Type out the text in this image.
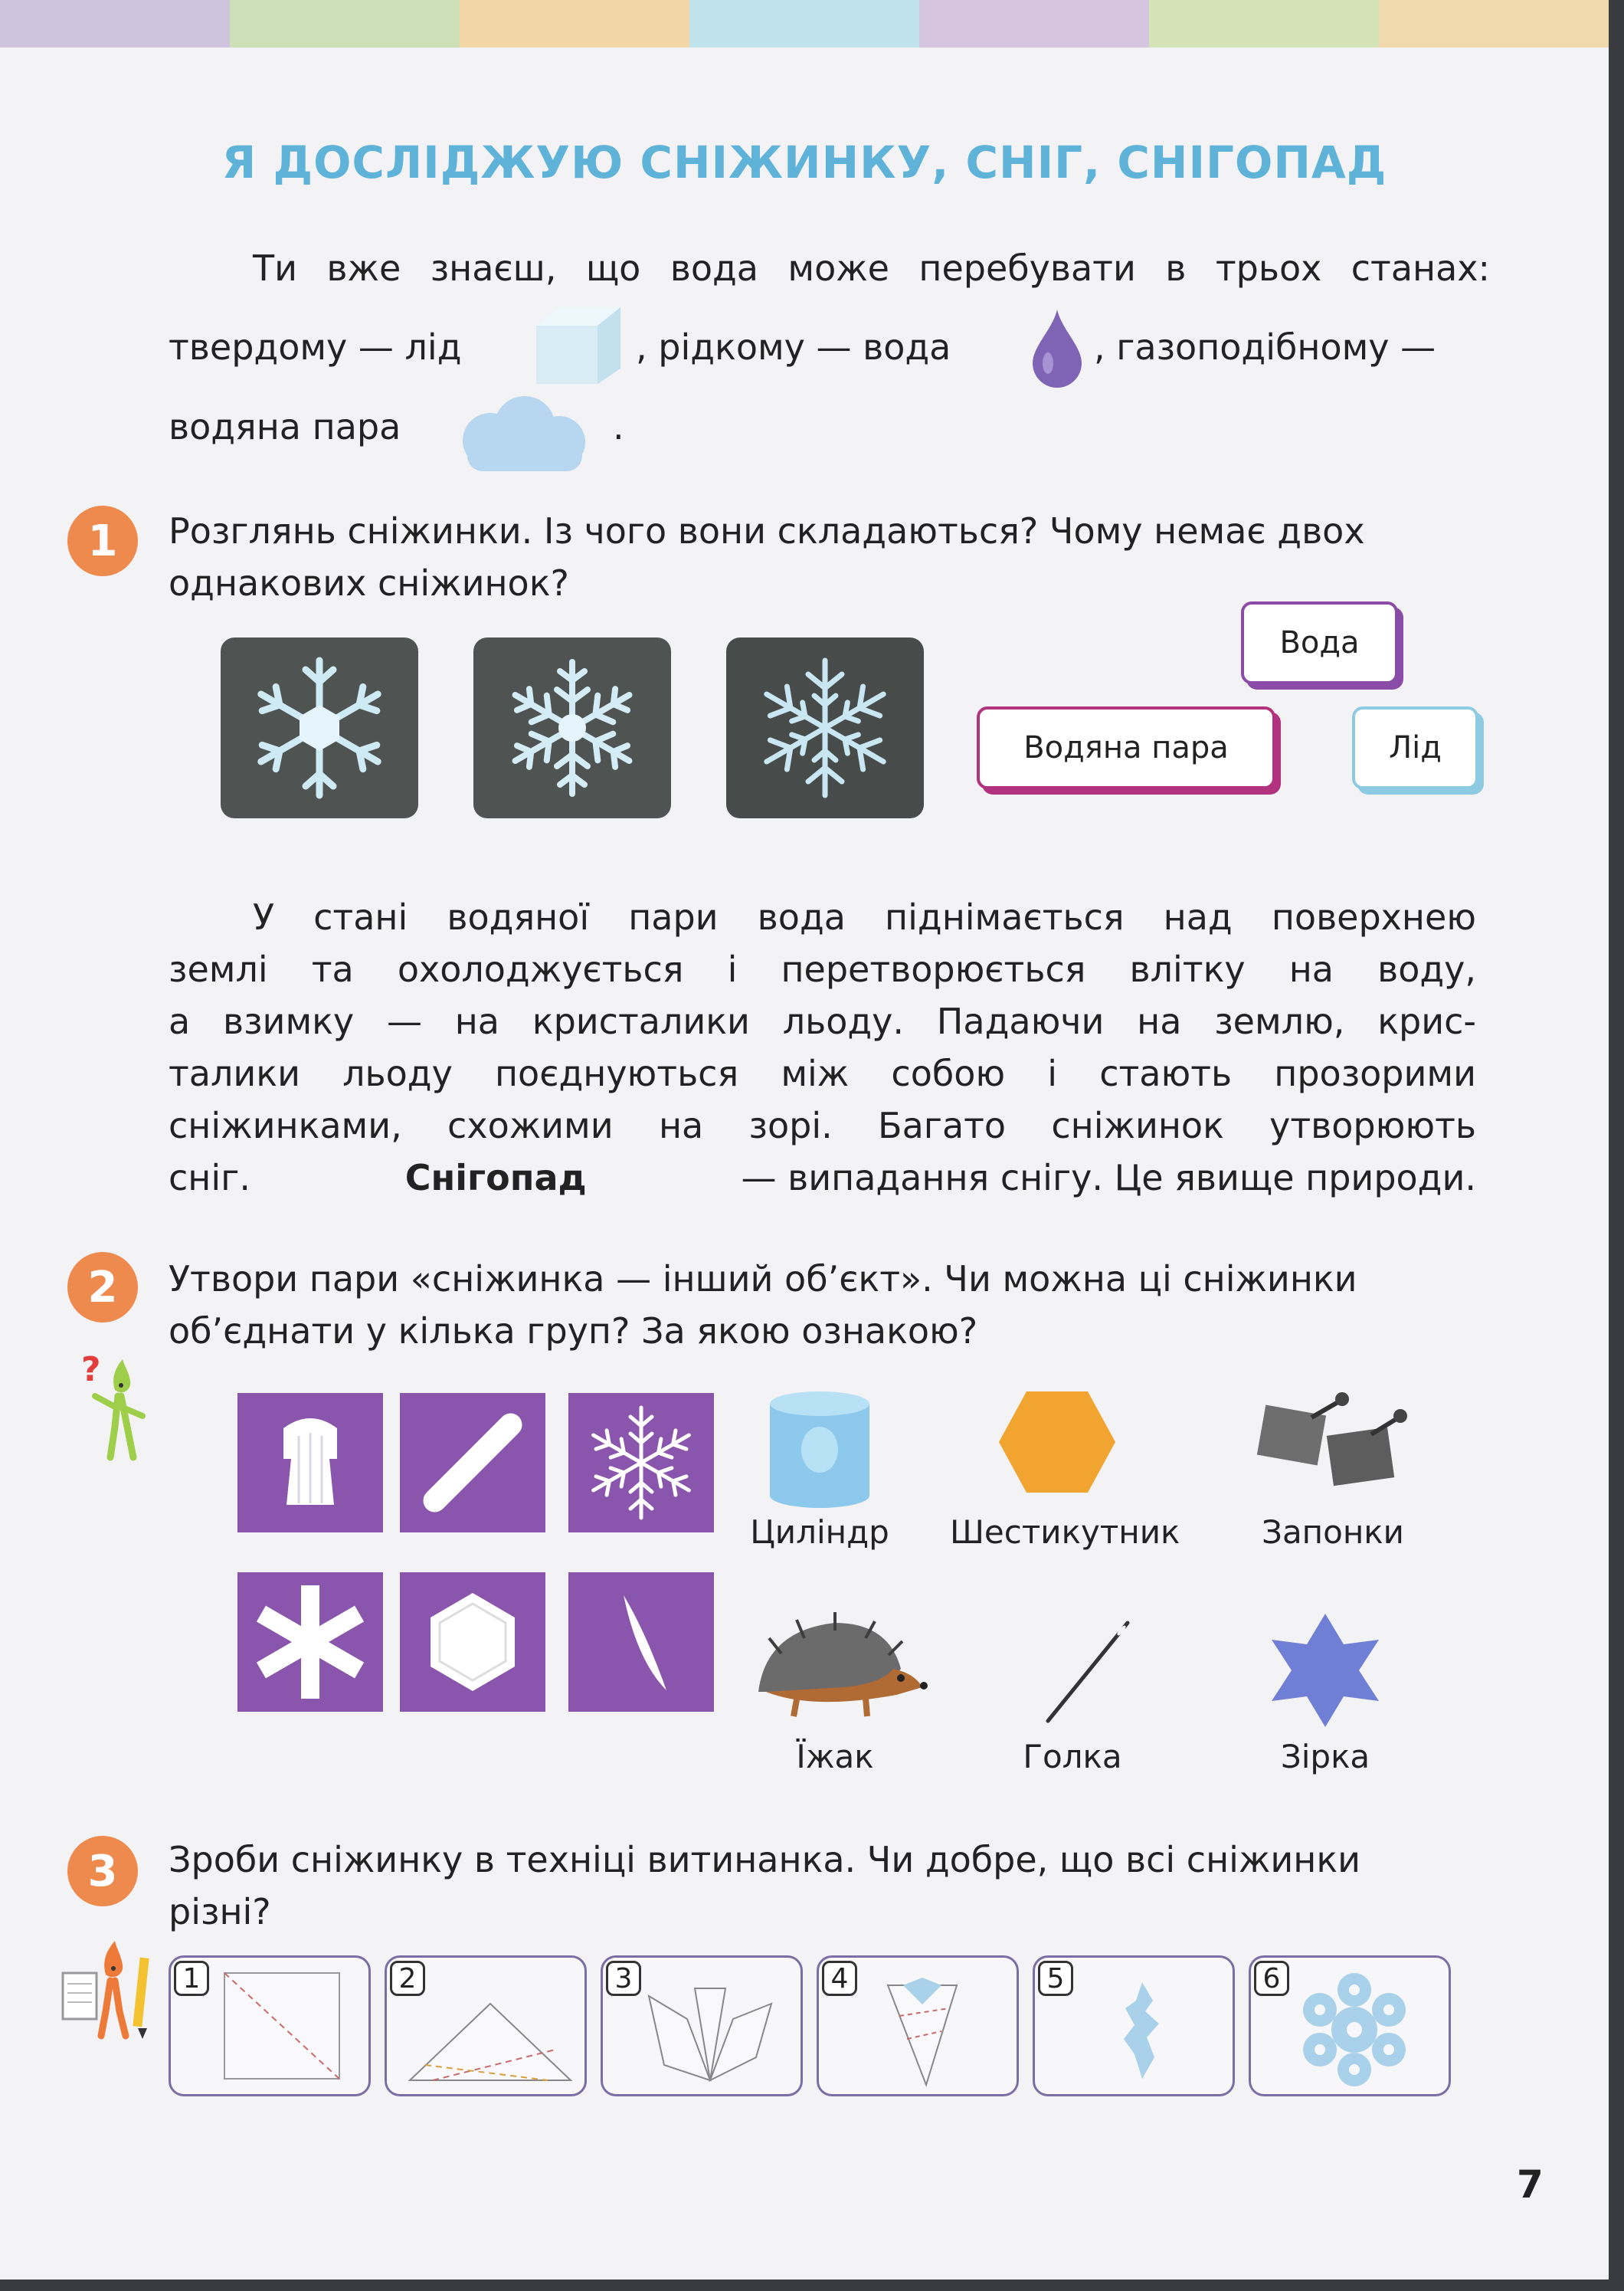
Я ДОСЛІДЖУЮ СНІЖИНКУ, СНІГ, СНІГОПАД
Ти вже знаєш, що вода може перебувати в трьох станах:
твердому — лід	, рідкому — вода	, газоподібному —
водяна пара	.
1	Розглянь сніжинки. Із чого вони складаються? Чому немає двох
однакових сніжинок?
Вода
Водяна пара	Лід
У стані водяної пари вода піднімається над поверхнею
землі та охолоджується і перетворюється влітку на воду,
а взимку — на кристалики льоду. Падаючи на землю, крис-
талики льоду поєднуються між собою і стають прозорими
сніжинками, схожими на зорі. Багато сніжинок утворюють
сніг.	Снігопад	— випадання снігу. Це явище природи.
2	Утвори пари «сніжинка — інший об’єкт». Чи можна ці сніжинки
об’єднати у кілька груп? За якою ознакою?
?
Циліндр	Шестикутник	Запонки
Їжак	Голка	Зірка
3	Зроби сніжинку в техніці витинанка. Чи добре, що всі сніжинки
різні?
1	2	3	4	5	6
7
